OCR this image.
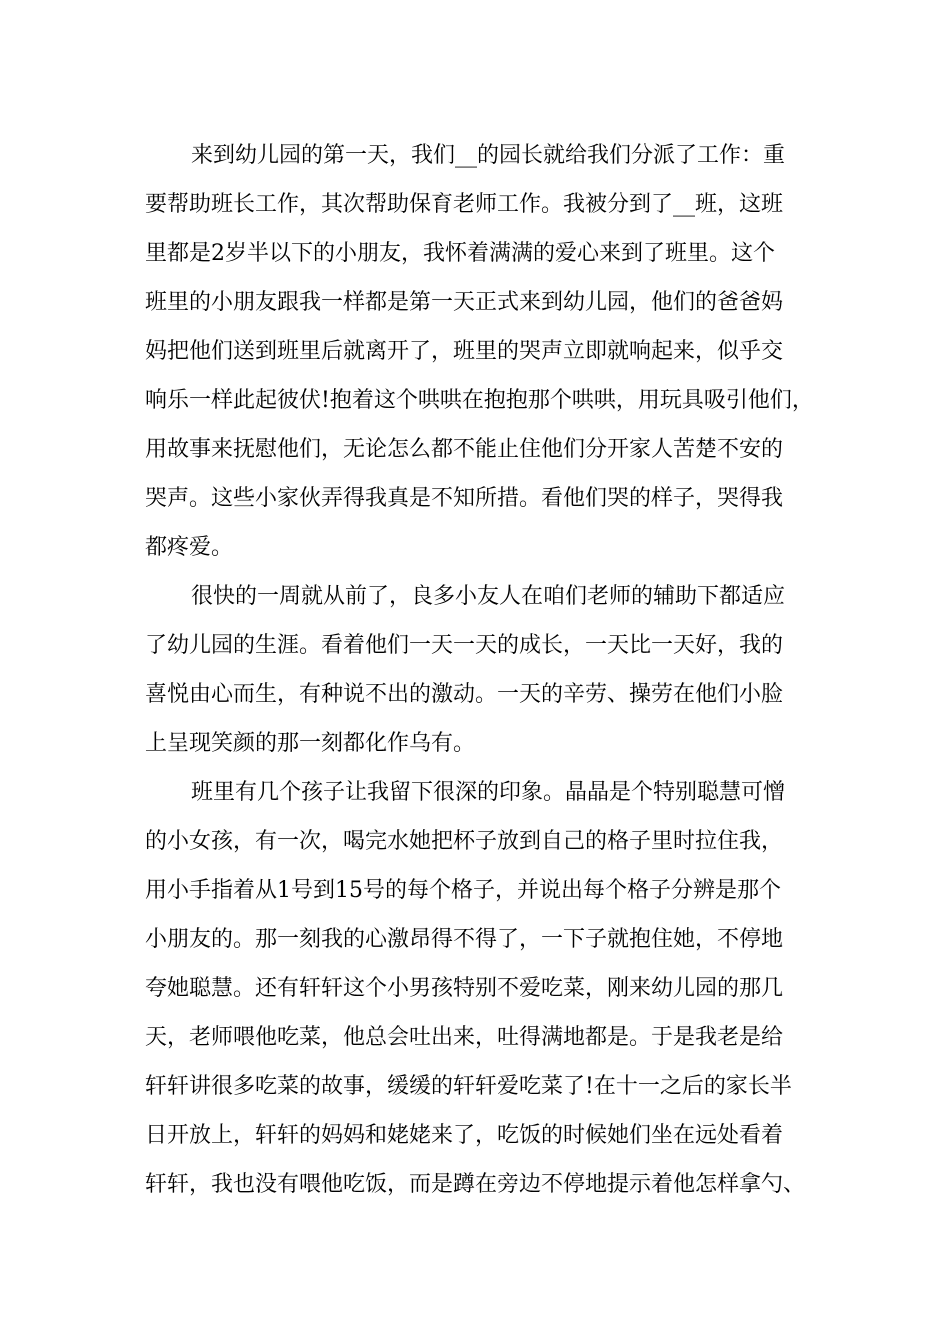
来到幼儿园的第一天，我们__的园长就给我们分派了工作：重
要帮助班长工作，其次帮助保育老师工作。我被分到了__班，这班
里都是2岁半以下的小朋友，我怀着满满的爱心来到了班里。这个
班里的小朋友跟我一样都是第一天正式来到幼儿园，他们的爸爸妈
妈把他们送到班里后就离开了，班里的哭声立即就响起来，似乎交
响乐一样此起彼伏!抱着这个哄哄在抱抱那个哄哄，用玩具吸引他们，
用故事来抚慰他们，无论怎么都不能止住他们分开家人苦楚不安的
哭声。这些小家伙弄得我真是不知所措。看他们哭的样子，哭得我
都疼爱。
很快的一周就从前了，良多小友人在咱们老师的辅助下都适应
了幼儿园的生涯。看着他们一天一天的成长，一天比一天好，我的
喜悦由心而生，有种说不出的激动。一天的辛劳、操劳在他们小脸
上呈现笑颜的那一刻都化作乌有。
班里有几个孩子让我留下很深的印象。晶晶是个特别聪慧可憎
的小女孩，有一次，喝完水她把杯子放到自己的格子里时拉住我，
用小手指着从1号到15号的每个格子，并说出每个格子分辨是那个
小朋友的。那一刻我的心激昂得不得了，一下子就抱住她，不停地
夸她聪慧。还有轩轩这个小男孩特别不爱吃菜，刚来幼儿园的那几
天，老师喂他吃菜，他总会吐出来，吐得满地都是。于是我老是给
轩轩讲很多吃菜的故事，缓缓的轩轩爱吃菜了!在十一之后的家长半
日开放上，轩轩的妈妈和姥姥来了，吃饭的时候她们坐在远处看着
轩轩，我也没有喂他吃饭，而是蹲在旁边不停地提示着他怎样拿勺、
